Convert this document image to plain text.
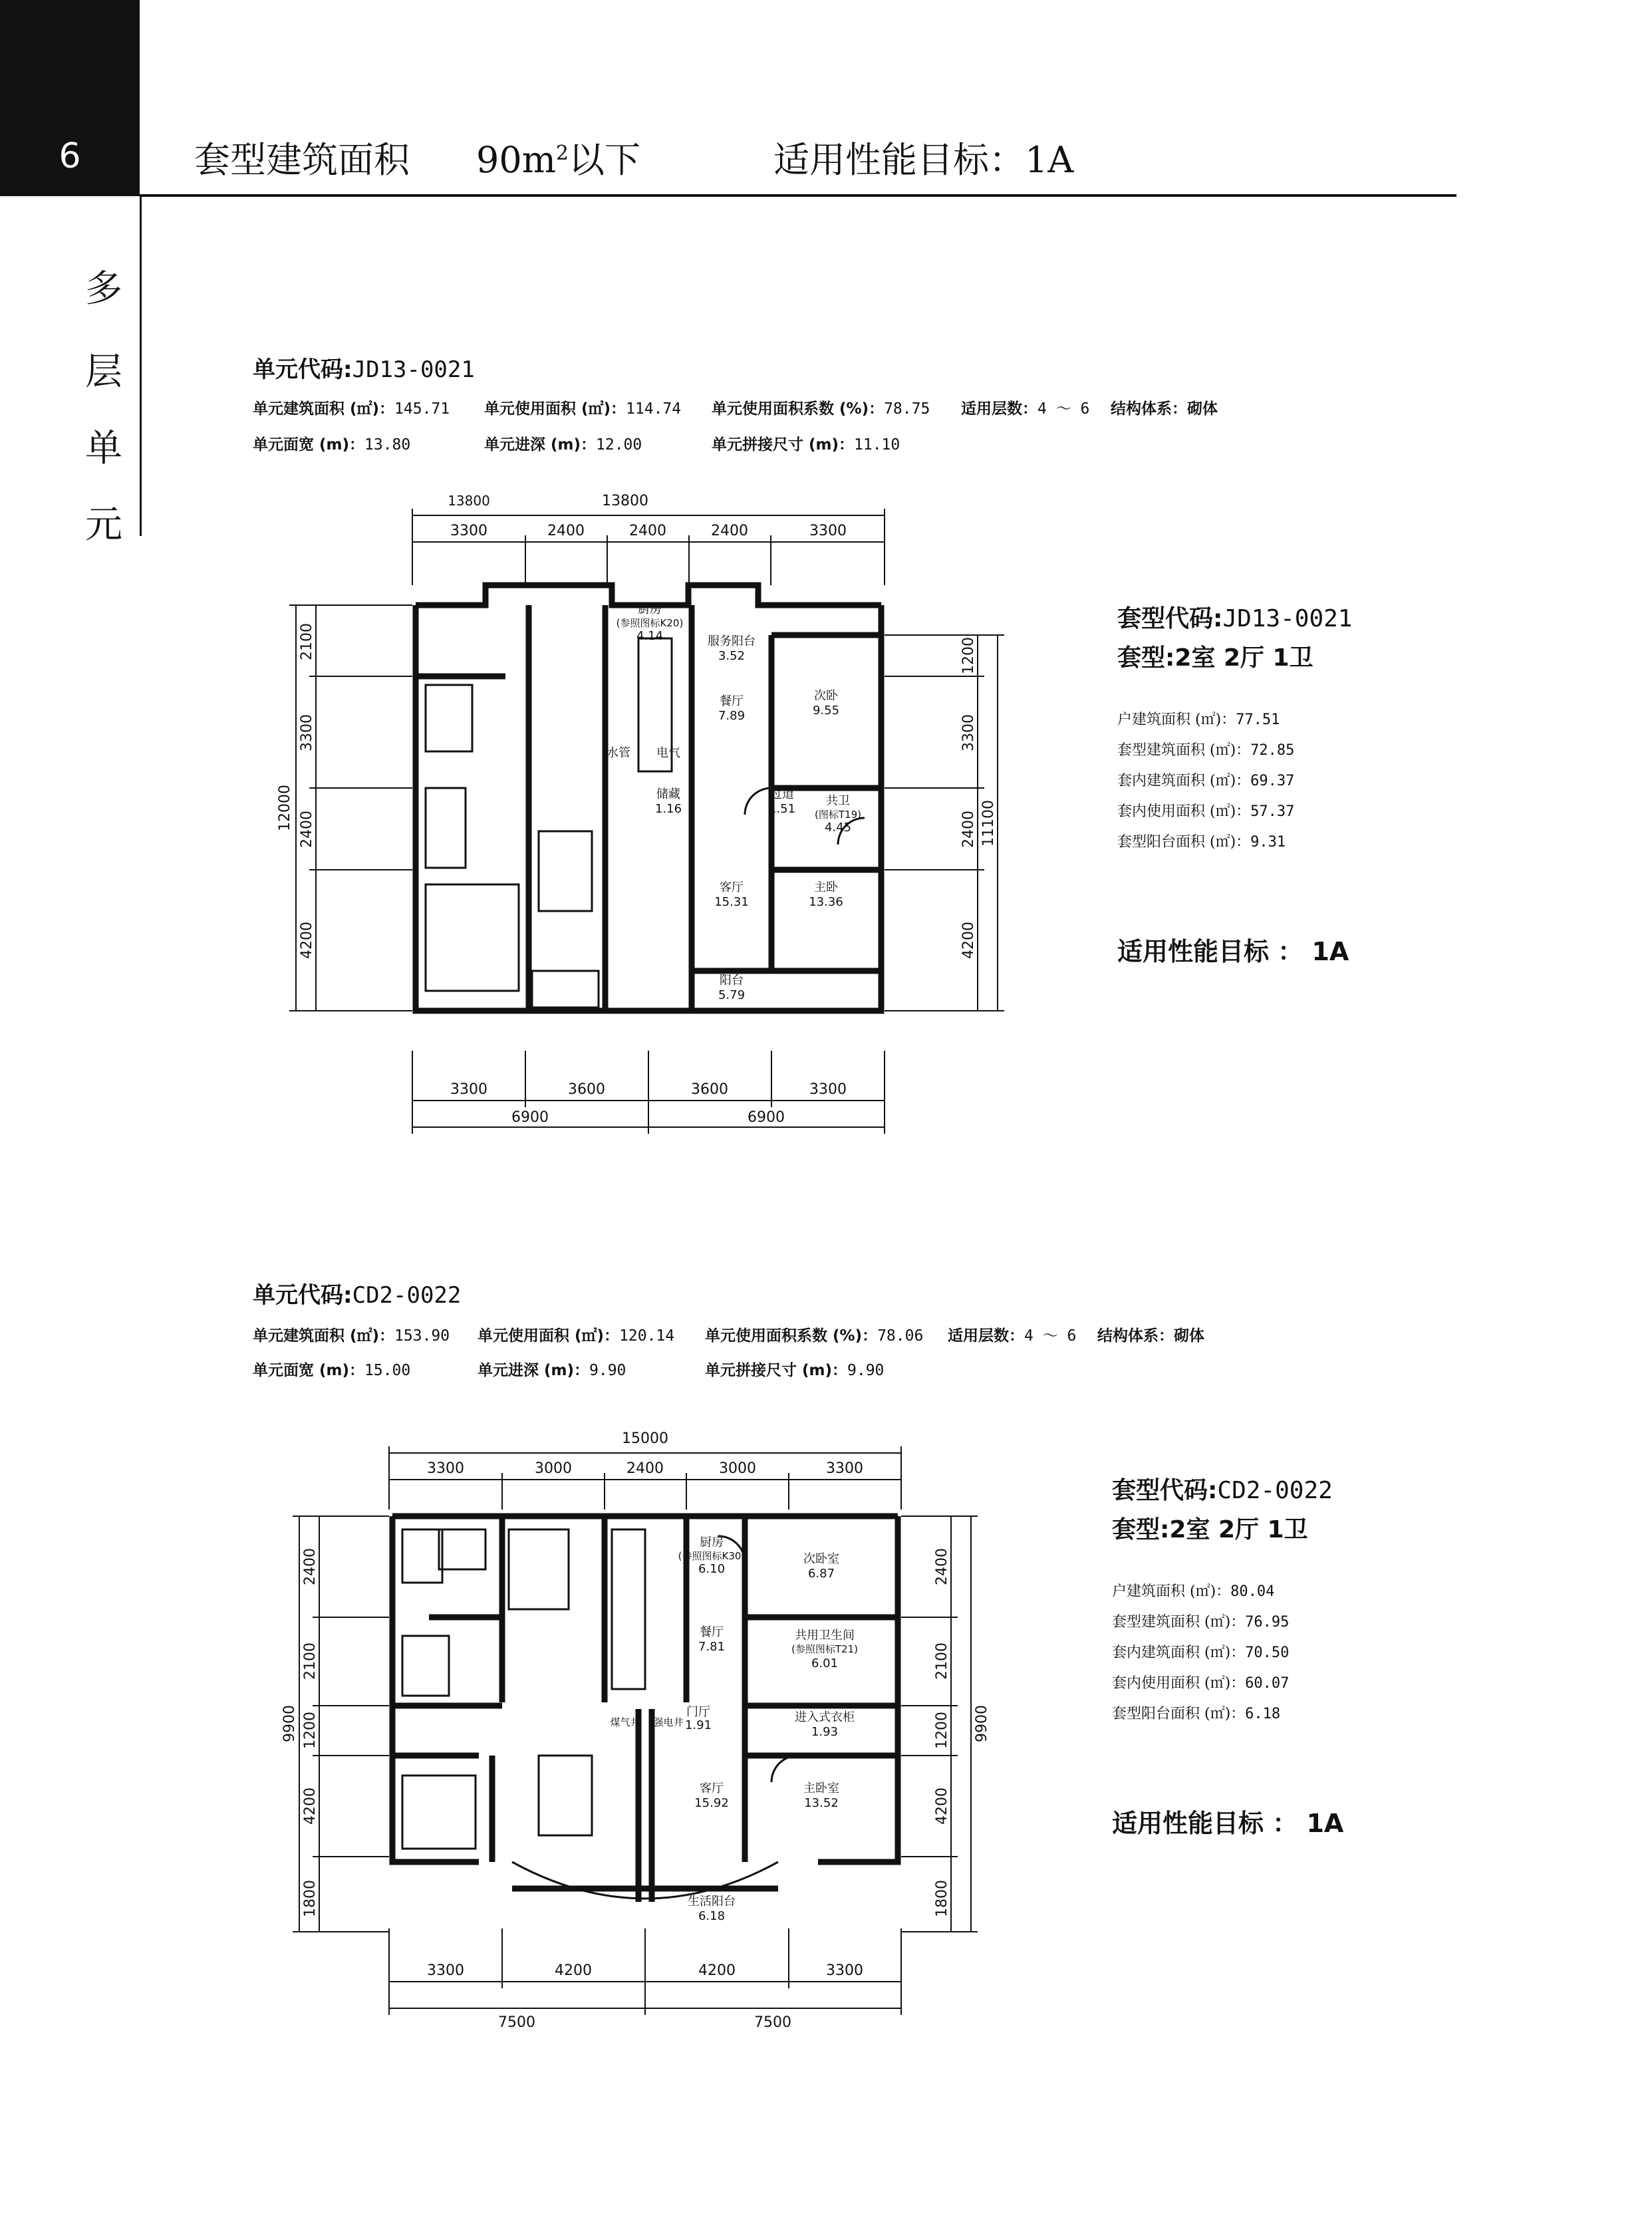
6	套型建筑面积 $90m^2$以下	适用性能目标：1A
多
层
单
元
单元代码:JD13-0021
单元建筑面积 (㎡)：145.71 单元使用面积 (㎡)：114.74 单元使用面积系数 (%)：78.75 适用层数：4 ～ 6 结构体系：砌体
单元面宽 (m)：13.80	单元进深 (m)：12.00	单元拼接尺寸 (m)：11.10
13800	13800
3300	2400	2400	2400	3300
3300	3600	3600	3300
6900	6900
12000
2100
3300
2400
4200
11100
1200
3300
2400
4200
厨房
(参照图标K20)
4.14	服务阳台
3.52
餐厅
7.89
次卧
9.55
水管 电气
储藏
1.16
过道
1.51
共卫
(图标T19)
4.45
客厅
15.31
主卧
13.36
阳台
5.79
套型代码:JD13-0021
套型:2室 2厅 1卫
户建筑面积 (㎡)：77.51
套型建筑面积 (㎡)：72.85
套内建筑面积 (㎡)：69.37
套内使用面积 (㎡)：57.37
套型阳台面积 (㎡)：9.31
适用性能目标 ： 1A
单元代码:CD2-0022
单元建筑面积 (㎡)：153.90 单元使用面积 (㎡)：120.14 单元使用面积系数 (%)：78.06 适用层数：4 ～ 6 结构体系：砌体
单元面宽 (m)：15.00	单元进深 (m)：9.90	单元拼接尺寸 (m)：9.90
15000
3300	3000	2400	3000	3300
3300	4200	4200	3300
7500	7500
9900
2400
2100
1200
4200
1800
9900
2400
2100
1200
4200
1800
厨房
(参照图标K30)
6.10
次卧室
6.87
餐厅
7.81
共用卫生间
(参照图标T21)
6.01
门厅
1.91
进入式衣柜
1.93
客厅
15.92
主卧室
13.52
生活阳台
6.18
煤气井 强电井
套型代码:CD2-0022
套型:2室 2厅 1卫
户建筑面积 (㎡)：80.04
套型建筑面积 (㎡)：76.95
套内建筑面积 (㎡)：70.50
套内使用面积 (㎡)：60.07
套型阳台面积 (㎡)：6.18
适用性能目标 ： 1A
